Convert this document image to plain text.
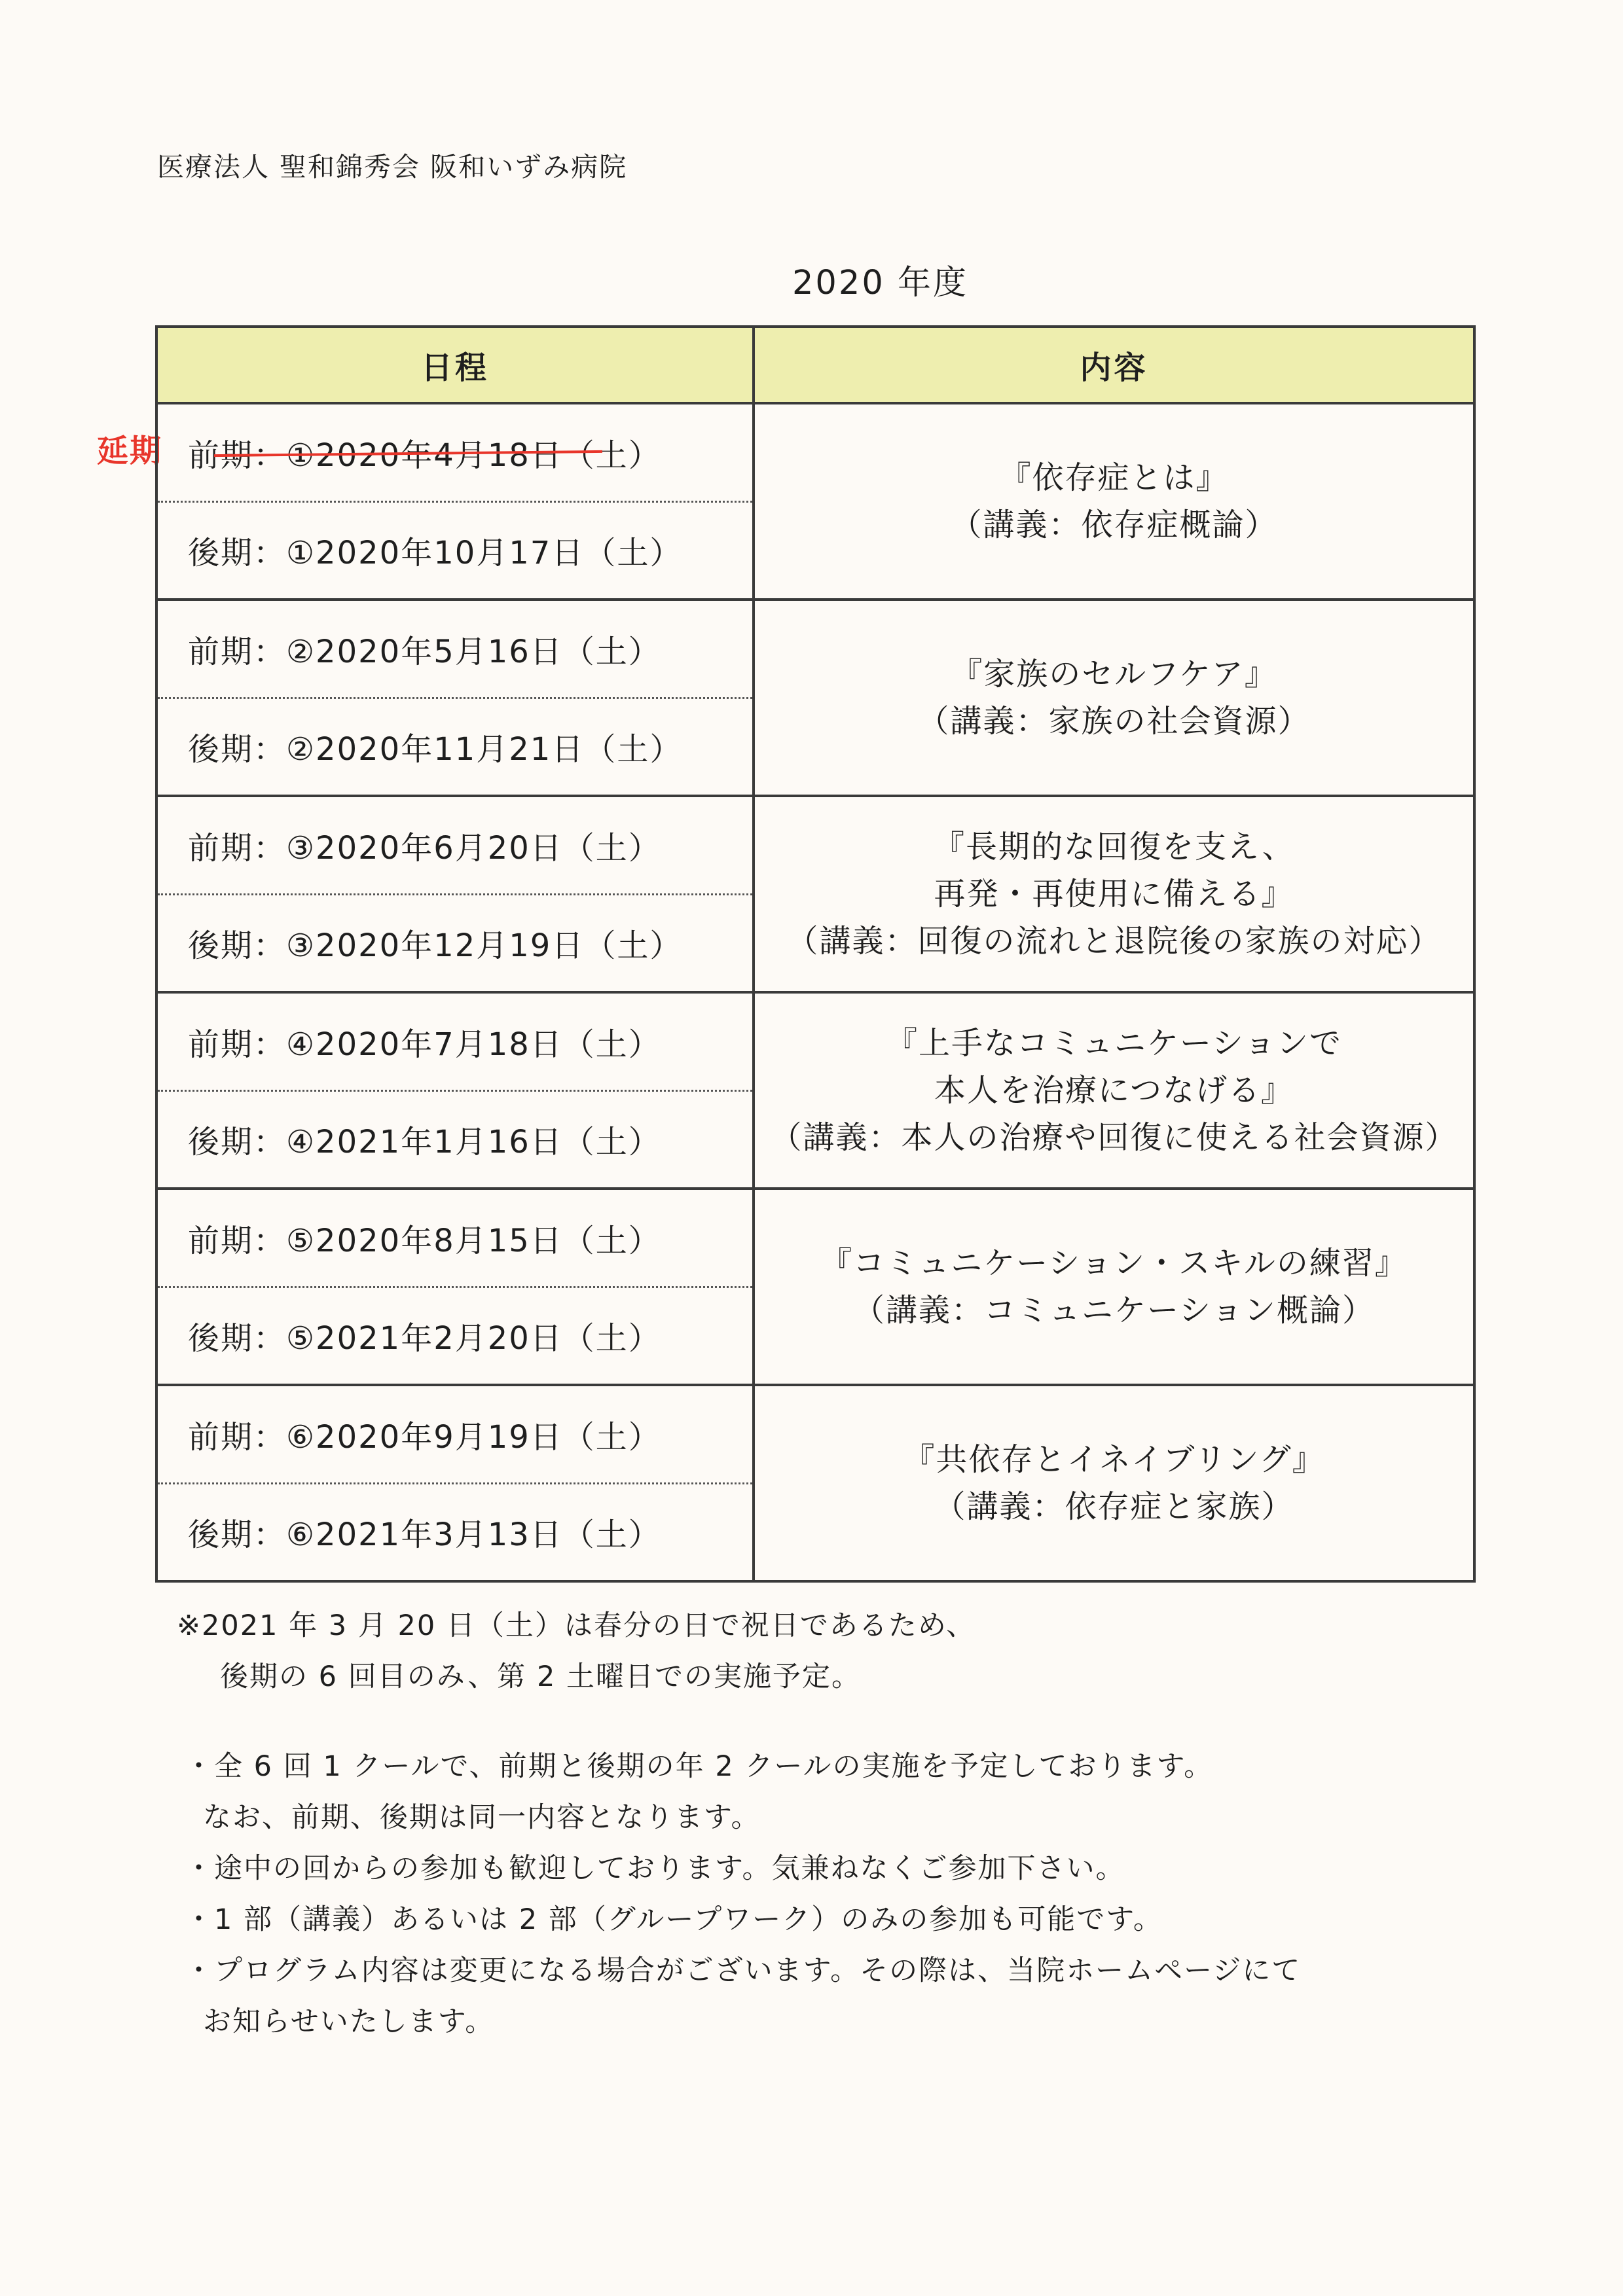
医療法人 聖和錦秀会 阪和いずみ病院
2020 年度
延期
日程	内容
前期：①2020年4月18日（土）	『依存症とは』
（講義：依存症概論）

後期：①2020年10月17日（土）	
前期：②2020年5月16日（土）	『家族のセルフケア』
（講義：家族の社会資源）

後期：②2020年11月21日（土）	
前期：③2020年6月20日（土）	『長期的な回復を支え、
再発・再使用に備える』
（講義：回復の流れと退院後の家族の対応）

後期：③2020年12月19日（土）	
前期：④2020年7月18日（土）	『上手なコミュニケーションで
本人を治療につなげる』
（講義：本人の治療や回復に使える社会資源）

後期：④2021年1月16日（土）	
前期：⑤2020年8月15日（土）	『コミュニケーション・スキルの練習』
（講義：コミュニケーション概論）

後期：⑤2021年2月20日（土）	
前期：⑥2020年9月19日（土）	『共依存とイネイブリング』
（講義：依存症と家族）

後期：⑥2021年3月13日（土）	
※2021 年 3 月 20 日（土）は春分の日で祝日であるため、
後期の 6 回目のみ、第 2 土曜日での実施予定。
・全 6 回 1 クールで、前期と後期の年 2 クールの実施を予定しております。
なお、前期、後期は同一内容となります。
・途中の回からの参加も歓迎しております。気兼ねなくご参加下さい。
・1 部（講義）あるいは 2 部（グループワーク）のみの参加も可能です。
・プログラム内容は変更になる場合がございます。その際は、当院ホームページにて
お知らせいたします。
